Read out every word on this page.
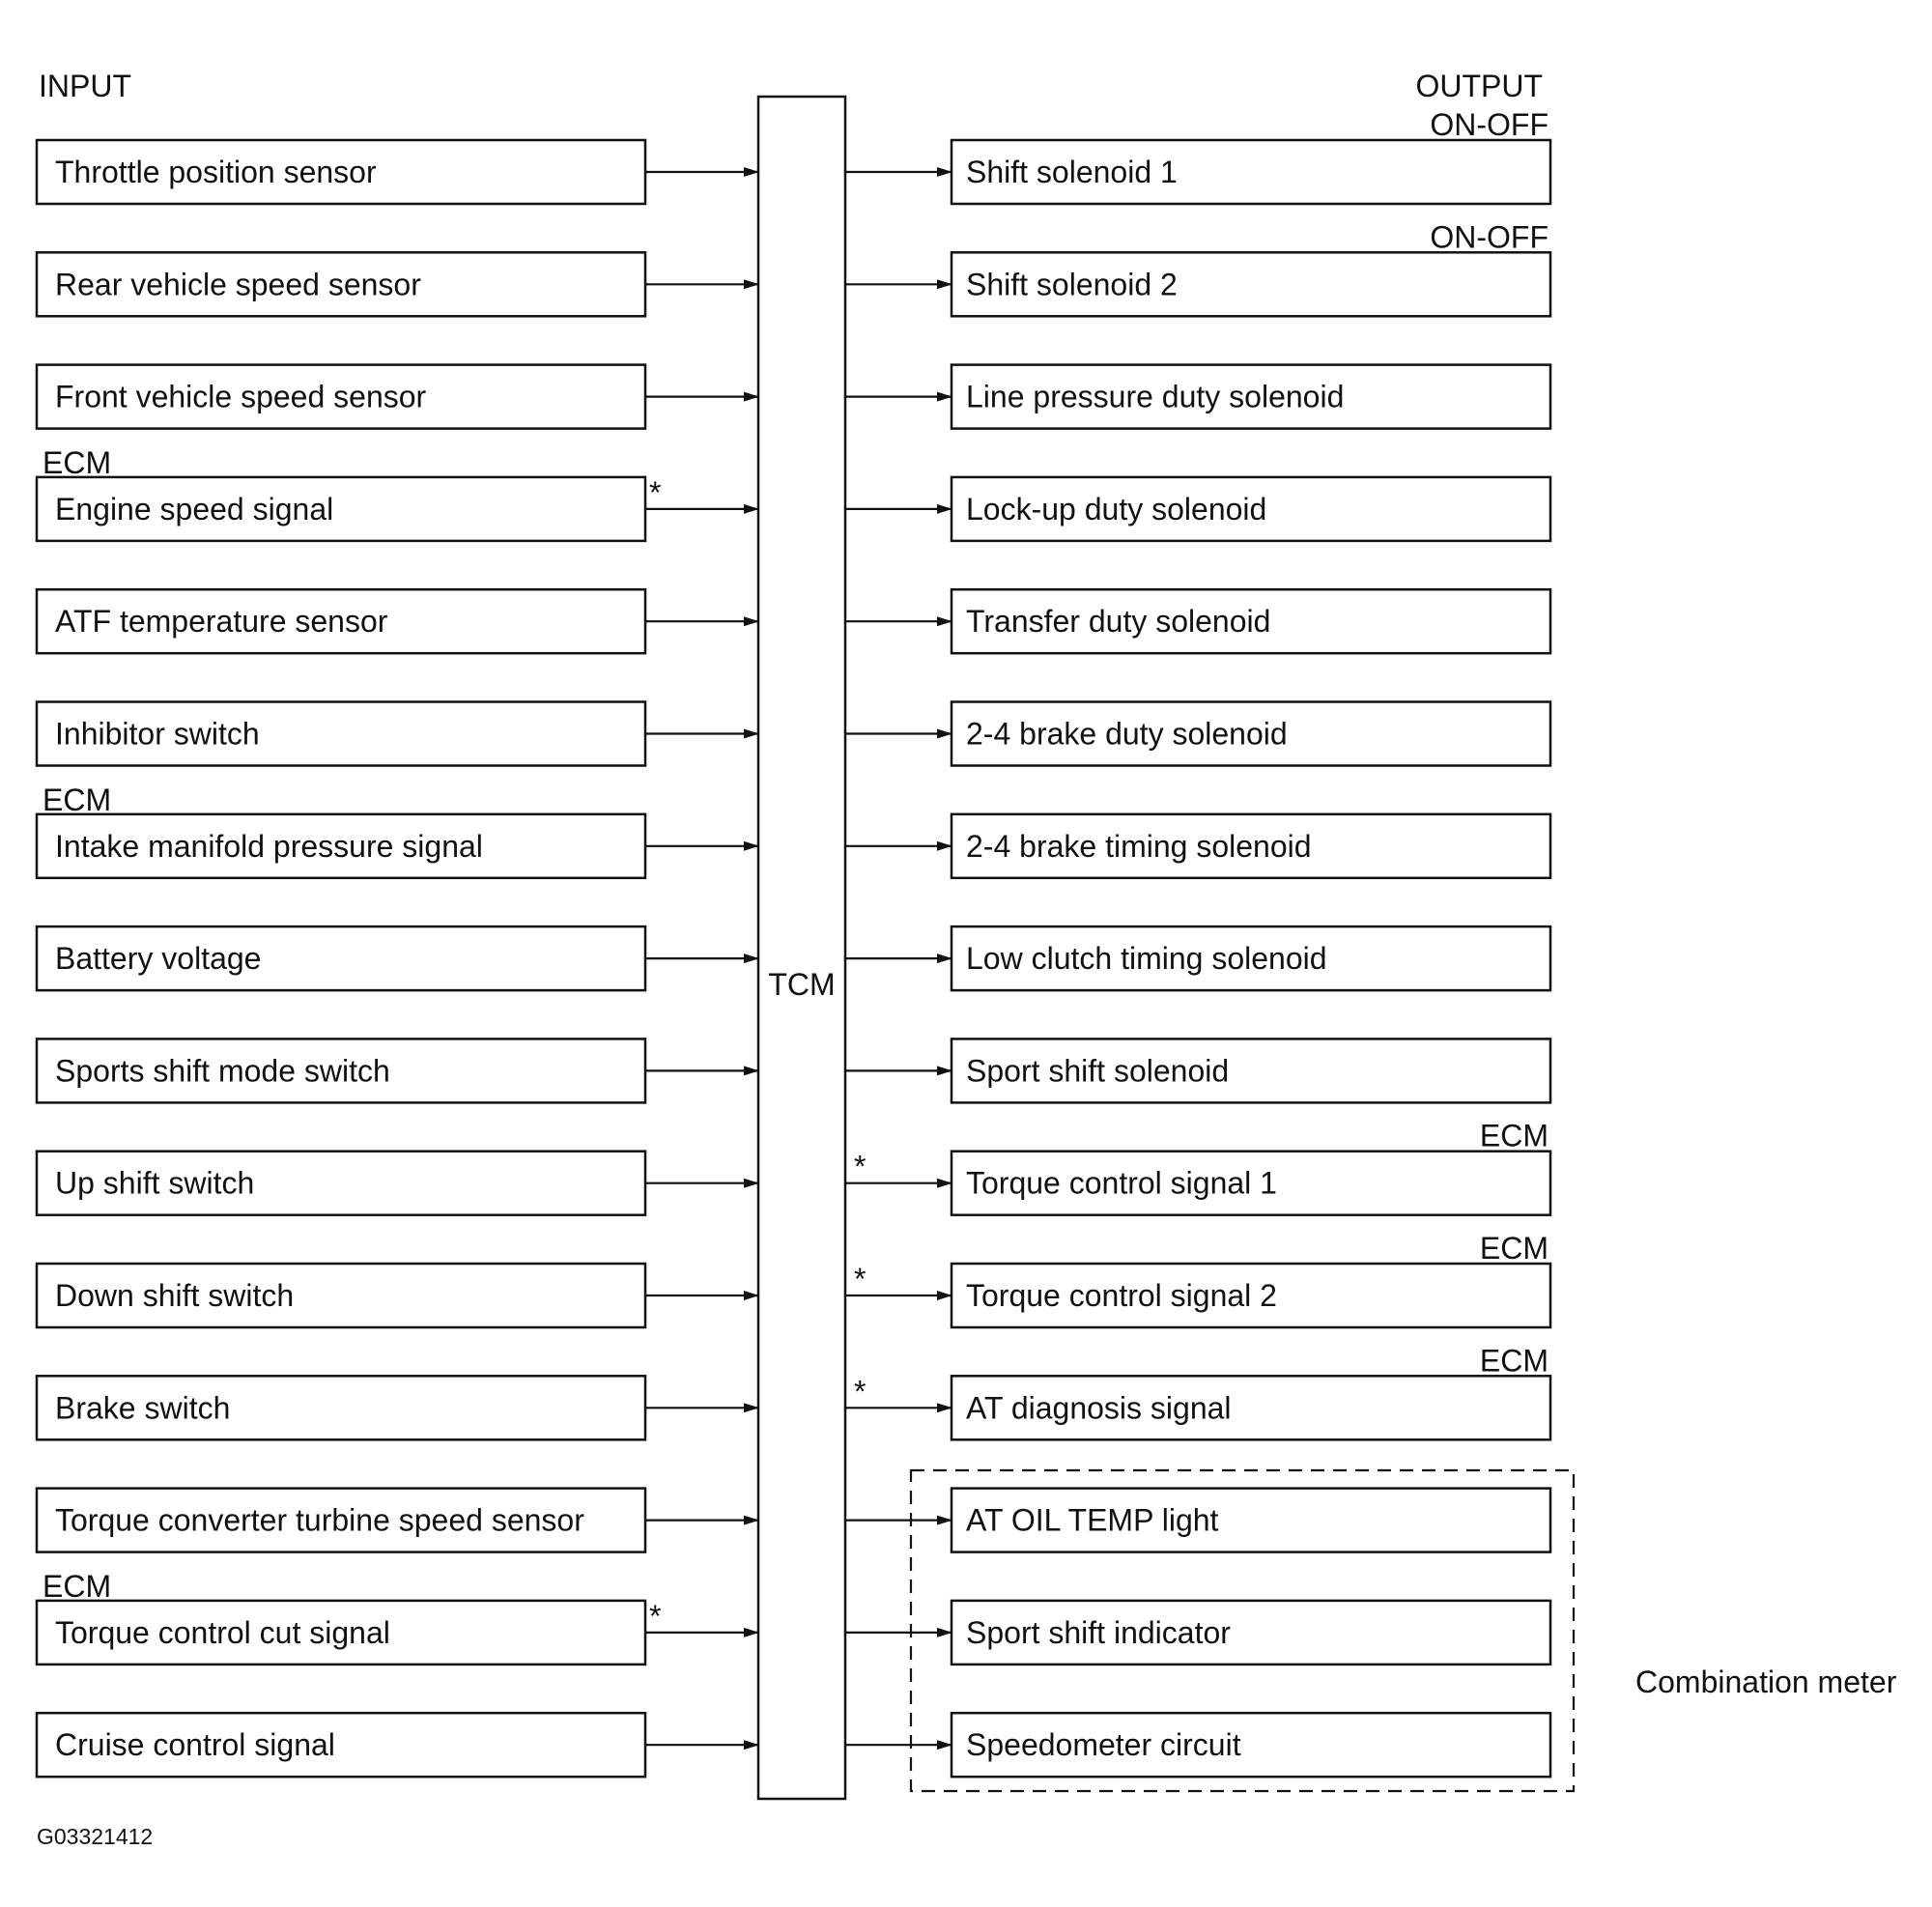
INPUT	OUTPUT
TCM
Throttle position sensor
Rear vehicle speed sensor
Front vehicle speed sensor
Engine speed signal
ECM
*
ATF temperature sensor
Inhibitor switch
Intake manifold pressure signal
ECM
Battery voltage
Sports shift mode switch
Up shift switch
Down shift switch
Brake switch
Torque converter turbine speed sensor
Torque control cut signal
ECM
*
Cruise control signal
Shift solenoid 1
ON-OFF
Shift solenoid 2
ON-OFF
Line pressure duty solenoid
Lock-up duty solenoid
Transfer duty solenoid
2-4 brake duty solenoid
2-4 brake timing solenoid
Low clutch timing solenoid
Sport shift solenoid
Torque control signal 1
ECM
*
Torque control signal 2
ECM
*
AT diagnosis signal
ECM
*
AT OIL TEMP light
Sport shift indicator
Speedometer circuit
Combination meter
G03321412
